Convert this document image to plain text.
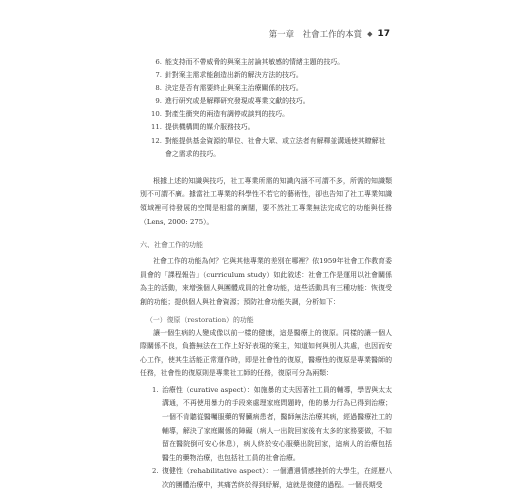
第一章　社會工作的本質 ◆ 17
6. 能支持而不帶威脅的與案主討論其敏感的情緒主題的技巧。
7. 針對案主需求能創造出新的解決方法的技巧。
8. 決定是否有需要終止與案主治療關係的技巧。
9. 進行研究或是解釋研究發現或專業文獻的技巧。
10. 對產生衝突的兩造有調停或談判的技巧。
11. 提供機構間的媒介服務技巧。
12. 對能提供基金資源的單位、社會大眾、或立法者有解釋並溝通使其瞭解社會之需求的技巧。

根據上述的知識與技巧，社工專業所需的知識內涵不可謂不多，所需的知識類別不可謂不廣。據當社工專業的科學性不若它的藝術性，卻也告知了社工專業知識領域裡可待發展的空間是相當的廣闊，要不然社工專業無法完成它的功能與任務（Lens, 2000: 275）。

六、社會工作的功能

社會工作的功能為何？它與其他專業的差別在哪裡？依1959年社會工作教育委員會的「課程報告」（curriculum study）如此敘述：社會工作是運用以社會關係為主的活動，來增強個人與團體成員的社會功能，這些活動具有三種功能：恢復受創的功能；提供個人與社會資源；預防社會功能失調，分析如下：

（一）復原（restoration）的功能

讓一個生病的人變成像以前一樣的健康，這是醫療上的復原。同樣的讓一個人際關係不良，負擔無法在工作上好好表現的案主，知道如何與別人共處，也因而安心工作，使其生活能正常運作時，即是社會性的復原，醫療性的復原是專業醫師的任務，社會性的復原則是專業社工師的任務，復原可分為兩類：

1. 治療性（curative aspect）：如施暴的丈夫因著社工員的輔導，學習與太太溝通，不再使用暴力的手段來處理家庭問題時，他的暴力行為已得到治療；一個不肯聽從醫囑服藥的腎臟病患者，醫師無法治療其病，經過醫療社工的輔導，解決了家庭關係的障礙（病人一出院回家後有太多的家務要做，不如留在醫院倒可安心休息），病人終於安心服藥出院回家，這病人的治療包括醫生的藥物治療，也包括社工員的社會治療。
2. 復健性（rehabilitative aspect）：一個遭遇情感挫折的大學生，在經歷八次的團體治療中，其痛苦終於得到紓解，這就是復健的過程。一個長期受
